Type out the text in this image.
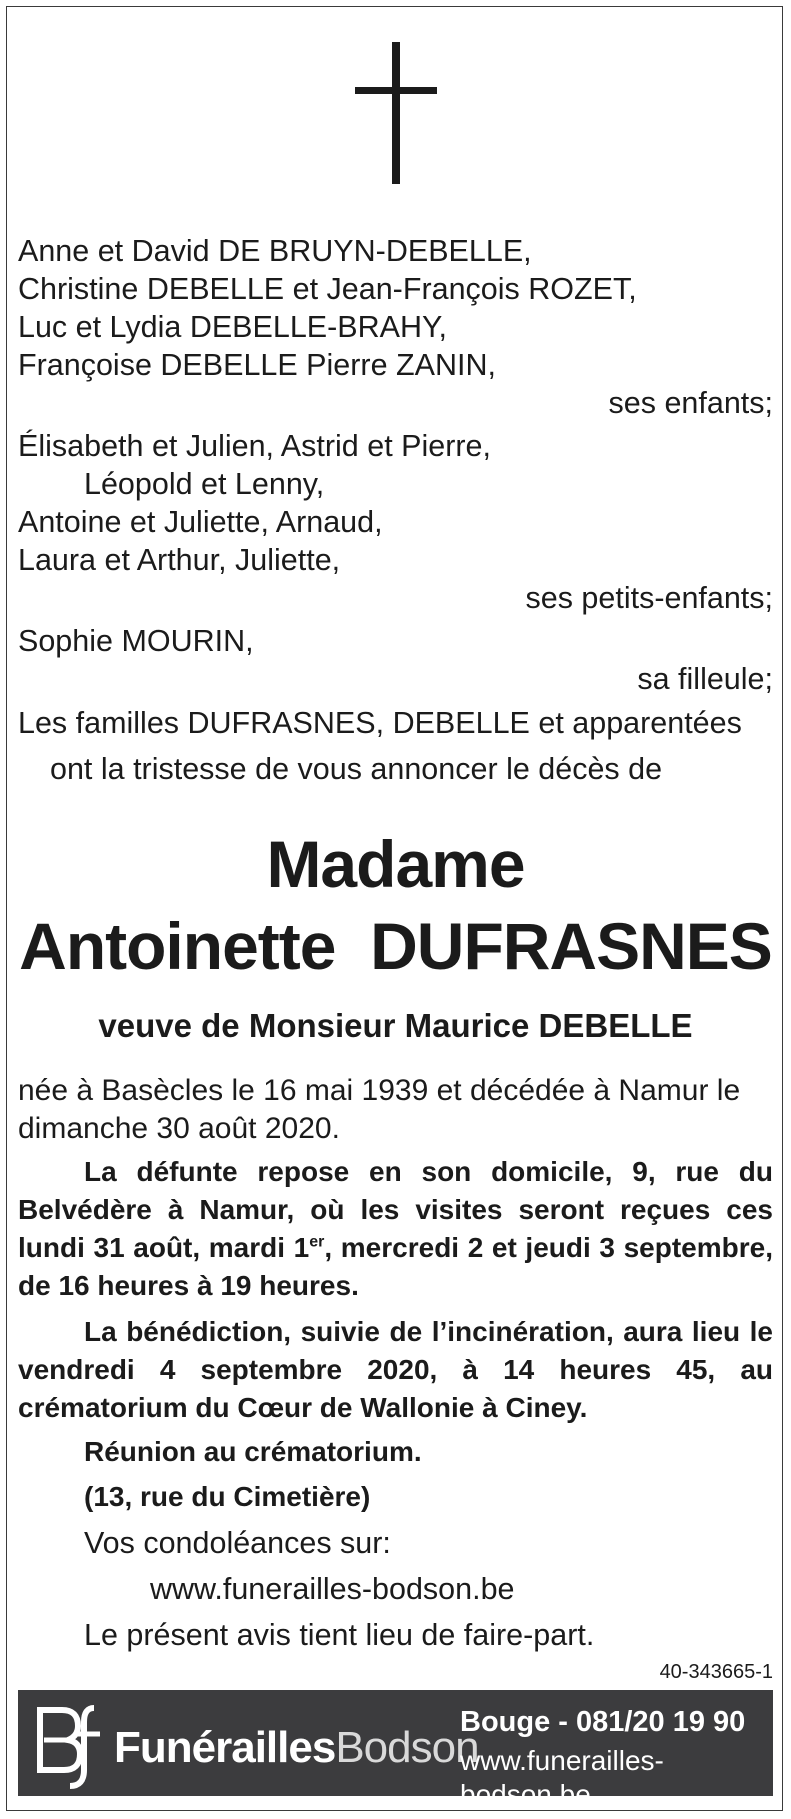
Anne et David DE BRUYN-DEBELLE,
Christine DEBELLE et Jean-François ROZET,
Luc et Lydia DEBELLE-BRAHY,
Françoise DEBELLE Pierre ZANIN,
ses enfants;
Élisabeth et Julien, Astrid et Pierre,
Léopold et Lenny,
Antoine et Juliette, Arnaud,
Laura et Arthur, Juliette,
ses petits-enfants;
Sophie MOURIN,
sa filleule;
Les familles DUFRASNES, DEBELLE et apparentées
ont la tristesse de vous annoncer le décès de
Madame
Antoinette  DUFRASNES
veuve de Monsieur Maurice DEBELLE
née à Basècles le 16 mai 1939 et décédée à Namur le dimanche 30 août 2020.
La défunte repose en son domicile, 9, rue du Belvédère à Namur, où les visites seront reçues ces lundi 31 août, mardi 1er, mercredi 2 et jeudi 3 septembre, de 16 heures à 19 heures.
La bénédiction, suivie de l’incinération, aura lieu le vendredi 4 septembre 2020, à 14 heures 45, au crématorium du Cœur de Wallonie à Ciney.
Réunion au crématorium.
(13, rue du Cimetière)
Vos condoléances sur:
www.funerailles-bodson.be
Le présent avis tient lieu de faire-part.
40-343665-1
FunéraillesBodson
Bouge - 081/20 19 90
www.funerailles-bodson.be
